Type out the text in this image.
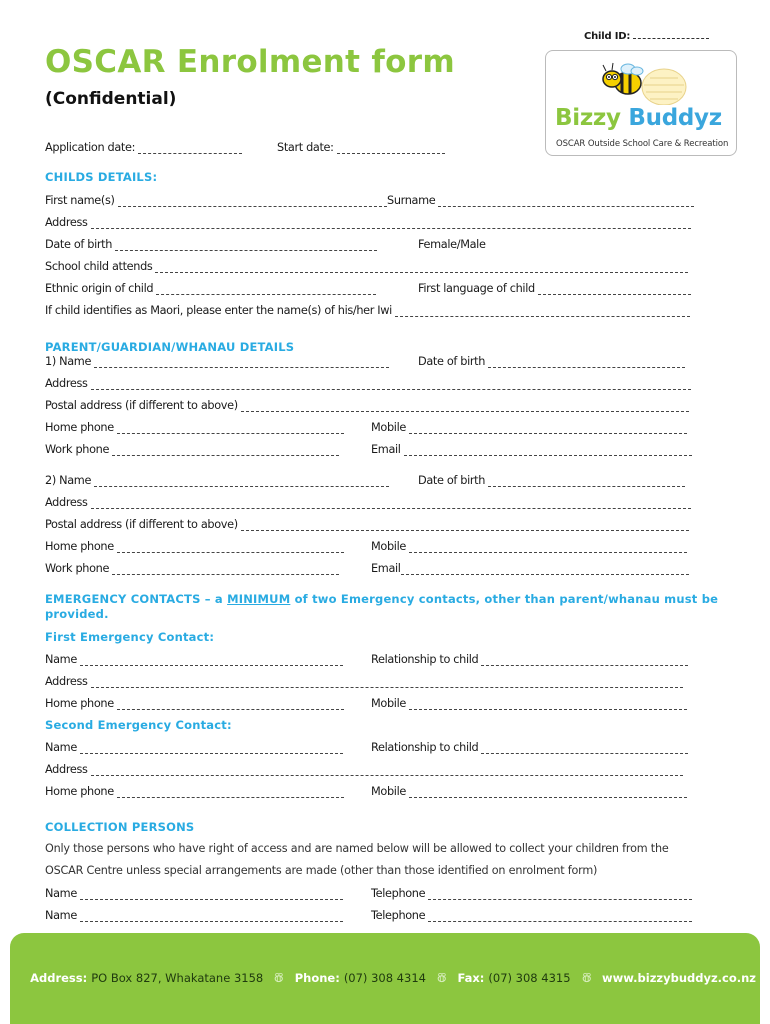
Child ID:
OSCAR Enrolment form
(Confidential)
Bizzy Buddyz
OSCAR Outside School Care & Recreation
Application date:	Start date:
CHILDS DETAILS:
First name(s)	Surname
Address
Date of birth	Female/Male
School child attends
Ethnic origin of child	First language of child
If child identifies as Maori, please enter the name(s) of his/her Iwi
PARENT/GUARDIAN/WHANAU DETAILS
1) Name	Date of birth
Address
Postal address (if different to above)
Home phone	Mobile
Work phone	Email
2) Name	Date of birth
Address
Postal address (if different to above)
Home phone	Mobile
Work phone	Email
EMERGENCY CONTACTS – a MINIMUM of two Emergency contacts, other than parent/whanau must be
provided.
First Emergency Contact:
Name	Relationship to child
Address
Home phone	Mobile
Second Emergency Contact:
Name	Relationship to child
Address
Home phone	Mobile
COLLECTION PERSONS
Only those persons who have right of access and are named below will be allowed to collect your children from the
OSCAR Centre unless special arrangements are made (other than those identified on enrolment form)
Name	Telephone
Name	Telephone
Address: PO Box 827, Whakatane 3158	Phone: (07) 308 4314	Fax: (07) 308 4315	www.bizzybuddyz.co.nz
